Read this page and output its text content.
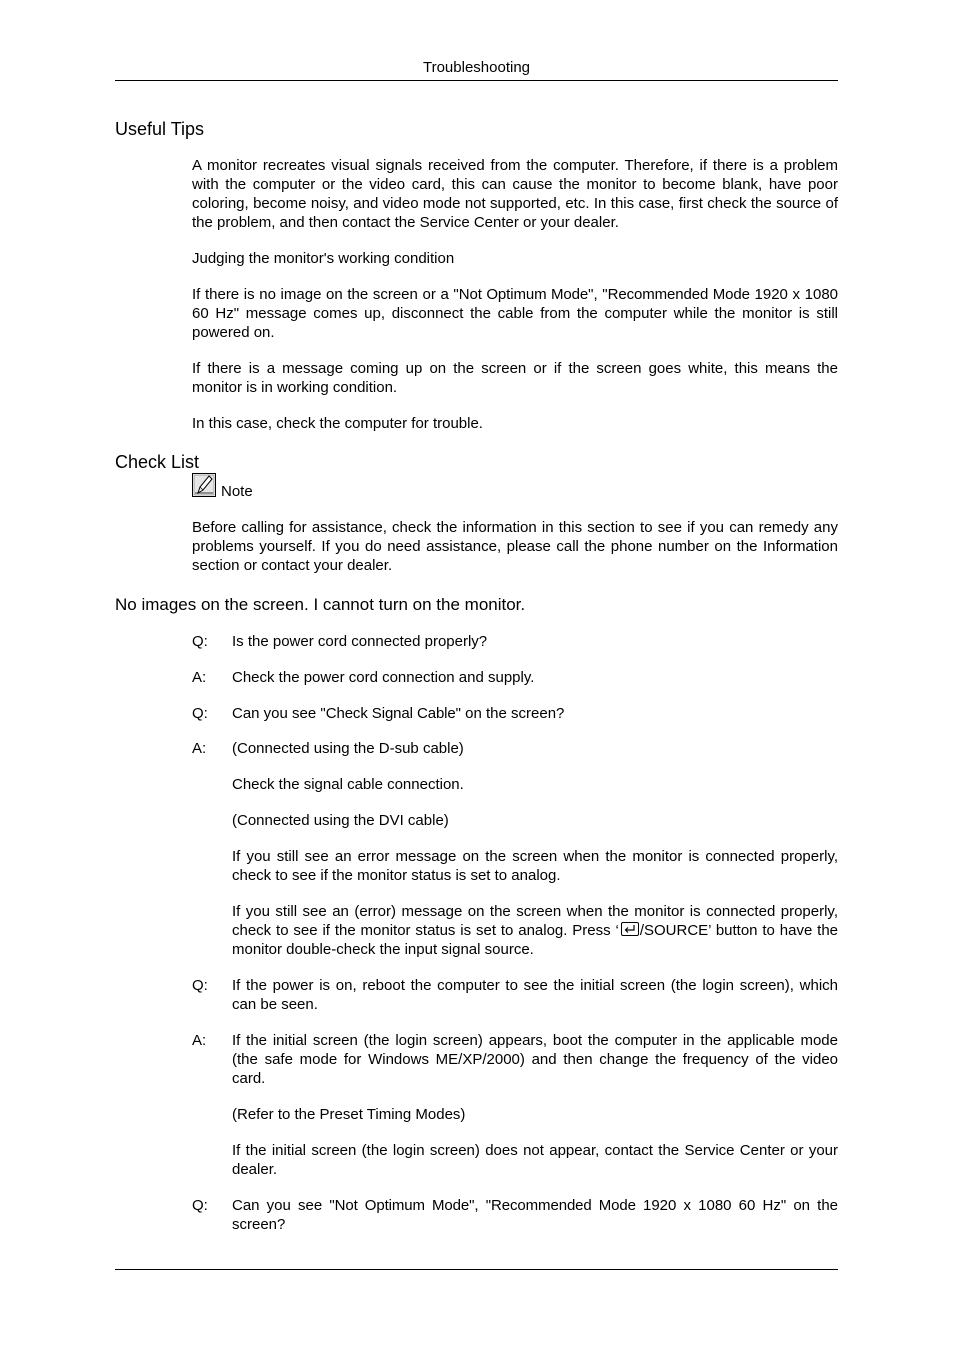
Troubleshooting
Useful Tips

A monitor recreates visual signals received from the computer. Therefore, if there is a problem with the computer or the video card, this can cause the monitor to become blank, have poor coloring, become noisy, and video mode not supported, etc. In this case, first check the source of the problem, and then contact the Service Center or your dealer.

Judging the monitor's working condition

If there is no image on the screen or a "Not Optimum Mode", "Recommended Mode 1920 x 1080 60 Hz" message comes up, disconnect the cable from the computer while the monitor is still powered on.

If there is a message coming up on the screen or if the screen goes white, this means the monitor is in working condition.

In this case, check the computer for trouble.

Check List
Note

Before calling for assistance, check the information in this section to see if you can remedy any problems yourself. If you do need assistance, please call the phone number on the Information section or contact your dealer.

No images on the screen. I cannot turn on the monitor.
Q:	Is the power cord connected properly?

A:	Check the power cord connection and supply.

Q:	Can you see "Check Signal Cable" on the screen?

A:	(Connected using the D-sub cable)

Check the signal cable connection.

(Connected using the DVI cable)

If you still see an error message on the screen when the monitor is connected properly, check to see if the monitor status is set to analog.

If you still see an (error) message on the screen when the monitor is connected properly, check to see if the monitor status is set to analog. Press ‘ /SOURCE’ button to have the monitor double-check the input signal source.

Q:	If the power is on, reboot the computer to see the initial screen (the login screen), which can be seen.

A:	If the initial screen (the login screen) appears, boot the computer in the applicable mode (the safe mode for Windows ME/XP/2000) and then change the frequency of the video card.

(Refer to the Preset Timing Modes)

If the initial screen (the login screen) does not appear, contact the Service Center or your dealer.

Q:	Can you see "Not Optimum Mode", "Recommended Mode 1920 x 1080 60 Hz" on the screen?
